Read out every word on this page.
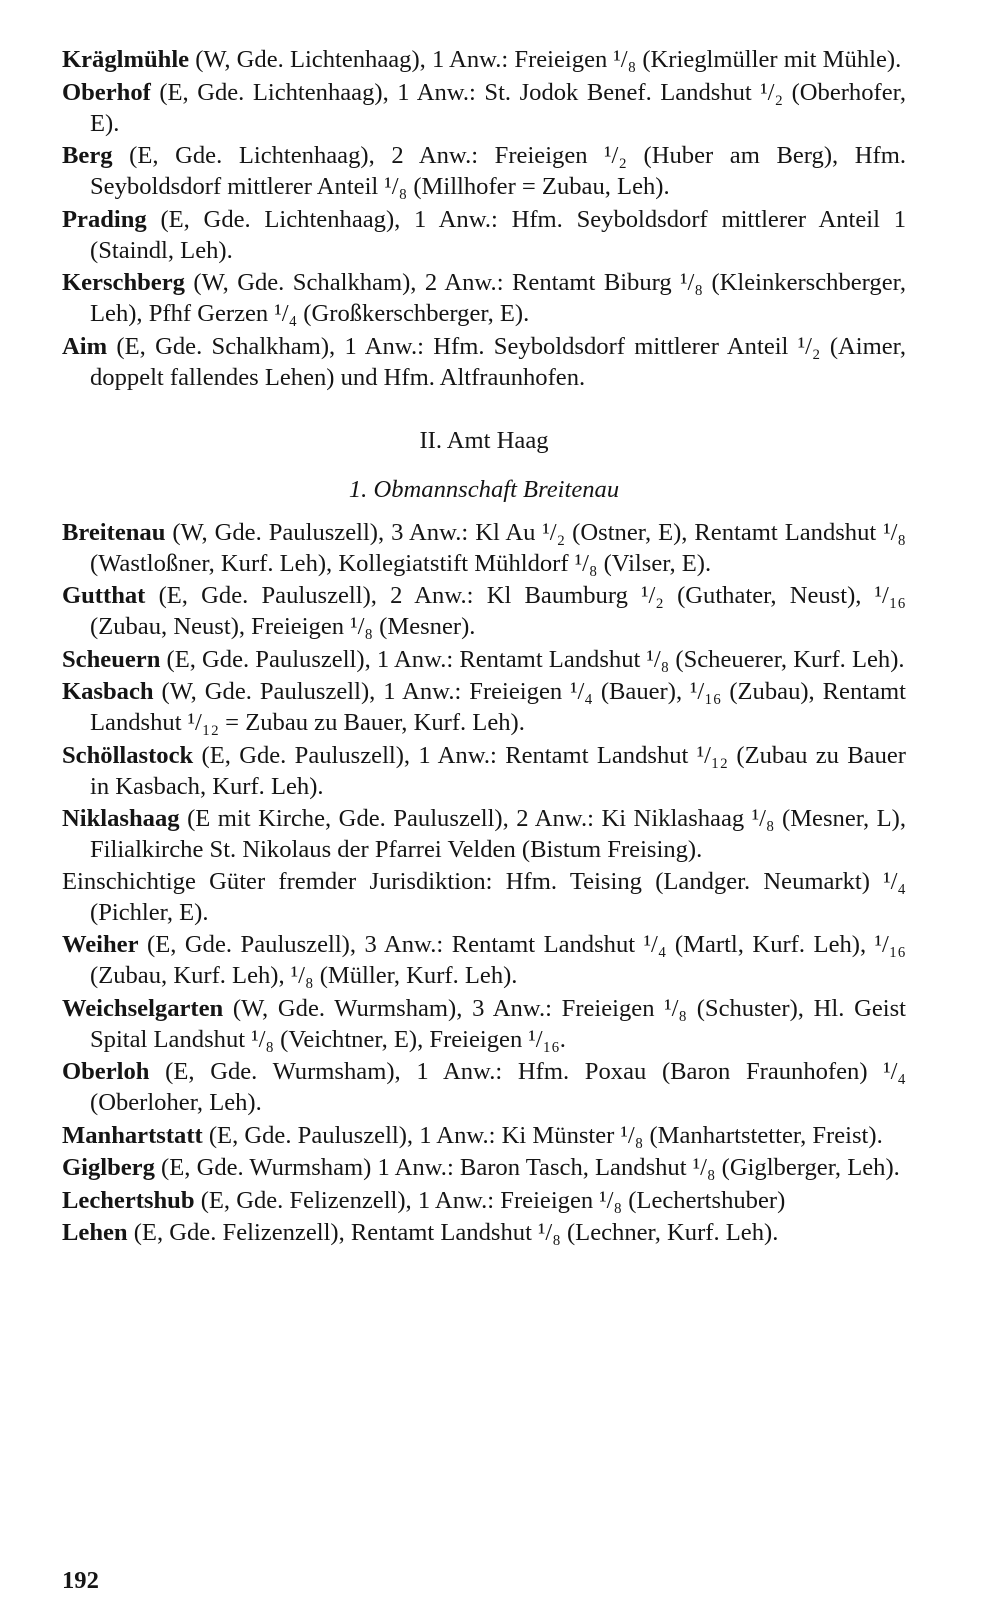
Kräglmühle (W, Gde. Lichtenhaag), 1 Anw.: Freieigen ¹/₈ (Krieglmüller mit Mühle).

Oberhof (E, Gde. Lichtenhaag), 1 Anw.: St. Jodok Benef. Landshut ¹/₂ (Oberhofer, E).

Berg (E, Gde. Lichtenhaag), 2 Anw.: Freieigen ¹/₂ (Huber am Berg), Hfm. Seyboldsdorf mittlerer Anteil ¹/₈ (Millhofer = Zubau, Leh).

Prading (E, Gde. Lichtenhaag), 1 Anw.: Hfm. Seyboldsdorf mittlerer Anteil 1 (Staindl, Leh).

Kerschberg (W, Gde. Schalkham), 2 Anw.: Rentamt Biburg ¹/₈ (Kleinkerschberger, Leh), Pfhf Gerzen ¹/₄ (Großkerschberger, E).

Aim (E, Gde. Schalkham), 1 Anw.: Hfm. Seyboldsdorf mittlerer Anteil ¹/₂ (Aimer, doppelt fallendes Lehen) und Hfm. Altfraunhofen.

II. Amt Haag
1. Obmannschaft Breitenau

Breitenau (W, Gde. Pauluszell), 3 Anw.: Kl Au ¹/₂ (Ostner, E), Rentamt Landshut ¹/₈ (Wastloßner, Kurf. Leh), Kollegiatstift Mühldorf ¹/₈ (Vilser, E).

Gutthat (E, Gde. Pauluszell), 2 Anw.: Kl Baumburg ¹/₂ (Guthater, Neust), ¹/₁₆ (Zubau, Neust), Freieigen ¹/₈ (Mesner).

Scheuern (E, Gde. Pauluszell), 1 Anw.: Rentamt Landshut ¹/₈ (Scheuerer, Kurf. Leh).

Kasbach (W, Gde. Pauluszell), 1 Anw.: Freieigen ¹/₄ (Bauer), ¹/₁₆ (Zubau), Rentamt Landshut ¹/₁₂ = Zubau zu Bauer, Kurf. Leh).

Schöllastock (E, Gde. Pauluszell), 1 Anw.: Rentamt Landshut ¹/₁₂ (Zubau zu Bauer in Kasbach, Kurf. Leh).

Niklashaag (E mit Kirche, Gde. Pauluszell), 2 Anw.: Ki Niklashaag ¹/₈ (Mesner, L), Filialkirche St. Nikolaus der Pfarrei Velden (Bistum Freising).

Einschichtige Güter fremder Jurisdiktion: Hfm. Teising (Landger. Neumarkt) ¹/₄ (Pichler, E).

Weiher (E, Gde. Pauluszell), 3 Anw.: Rentamt Landshut ¹/₄ (Martl, Kurf. Leh), ¹/₁₆ (Zubau, Kurf. Leh), ¹/₈ (Müller, Kurf. Leh).

Weichselgarten (W, Gde. Wurmsham), 3 Anw.: Freieigen ¹/₈ (Schuster), Hl. Geist Spital Landshut ¹/₈ (Veichtner, E), Freieigen ¹/₁₆.

Oberloh (E, Gde. Wurmsham), 1 Anw.: Hfm. Poxau (Baron Fraunhofen) ¹/₄ (Oberloher, Leh).

Manhartstatt (E, Gde. Pauluszell), 1 Anw.: Ki Münster ¹/₈ (Manhartstetter, Freist).

Giglberg (E, Gde. Wurmsham) 1 Anw.: Baron Tasch, Landshut ¹/₈ (Giglberger, Leh).

Lechertshub (E, Gde. Felizenzell), 1 Anw.: Freieigen ¹/₈ (Lechertshuber)

Lehen (E, Gde. Felizenzell), Rentamt Landshut ¹/₈ (Lechner, Kurf. Leh).

192
